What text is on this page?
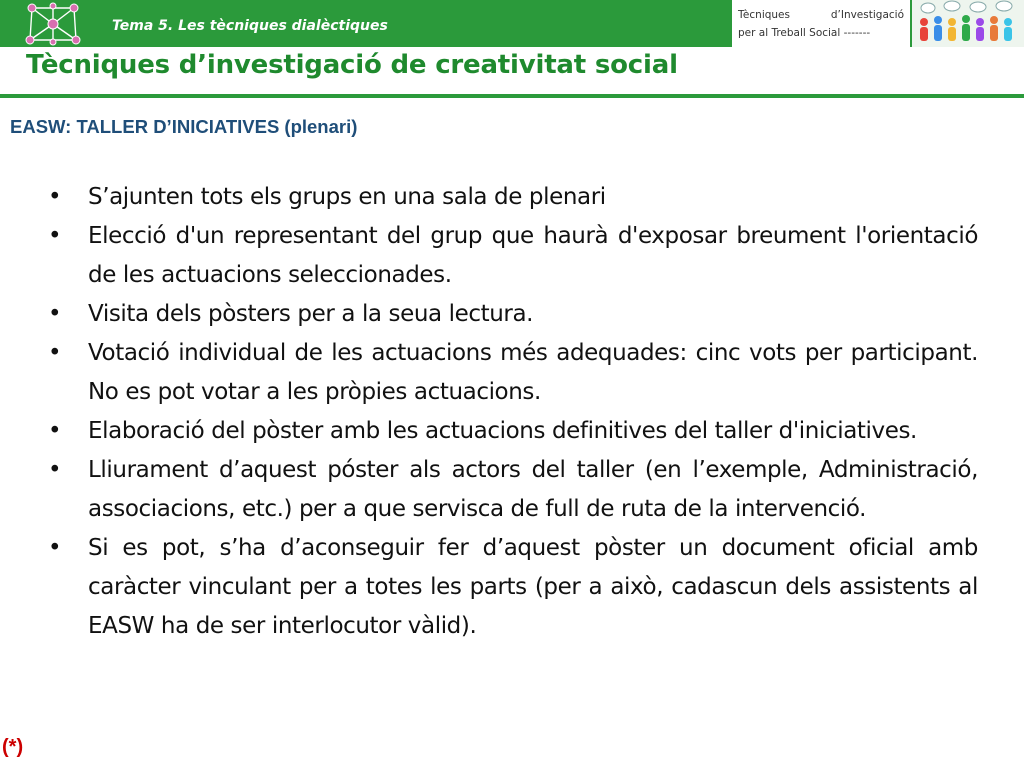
Tema 5. Les tècniques dialèctiques
Tècniques	d’Investigació
per al Treball Social -------
Tècniques d’investigació de creativitat social
EASW: TALLER D’INICIATIVES (plenari)
• S’ajunten tots els grups en una sala de plenari
• Elecció d'un representant del grup que haurà d'exposar breument l'orientació de les actuacions seleccionades.
• Visita dels pòsters per a la seua lectura.
• Votació individual de les actuacions més adequades: cinc vots per participant. No es pot votar a les pròpies actuacions.
• Elaboració del pòster amb les actuacions definitives del taller d'iniciatives.
• Lliurament d’aquest póster als actors del taller (en l’exemple, Administració, associacions, etc.) per a que servisca de full de ruta de la intervenció.
• Si es pot, s’ha d’aconseguir fer d’aquest pòster un document oficial amb caràcter vinculant per a totes les parts (per a això, cadascun dels assistents al EASW ha de ser interlocutor vàlid).
(*)
